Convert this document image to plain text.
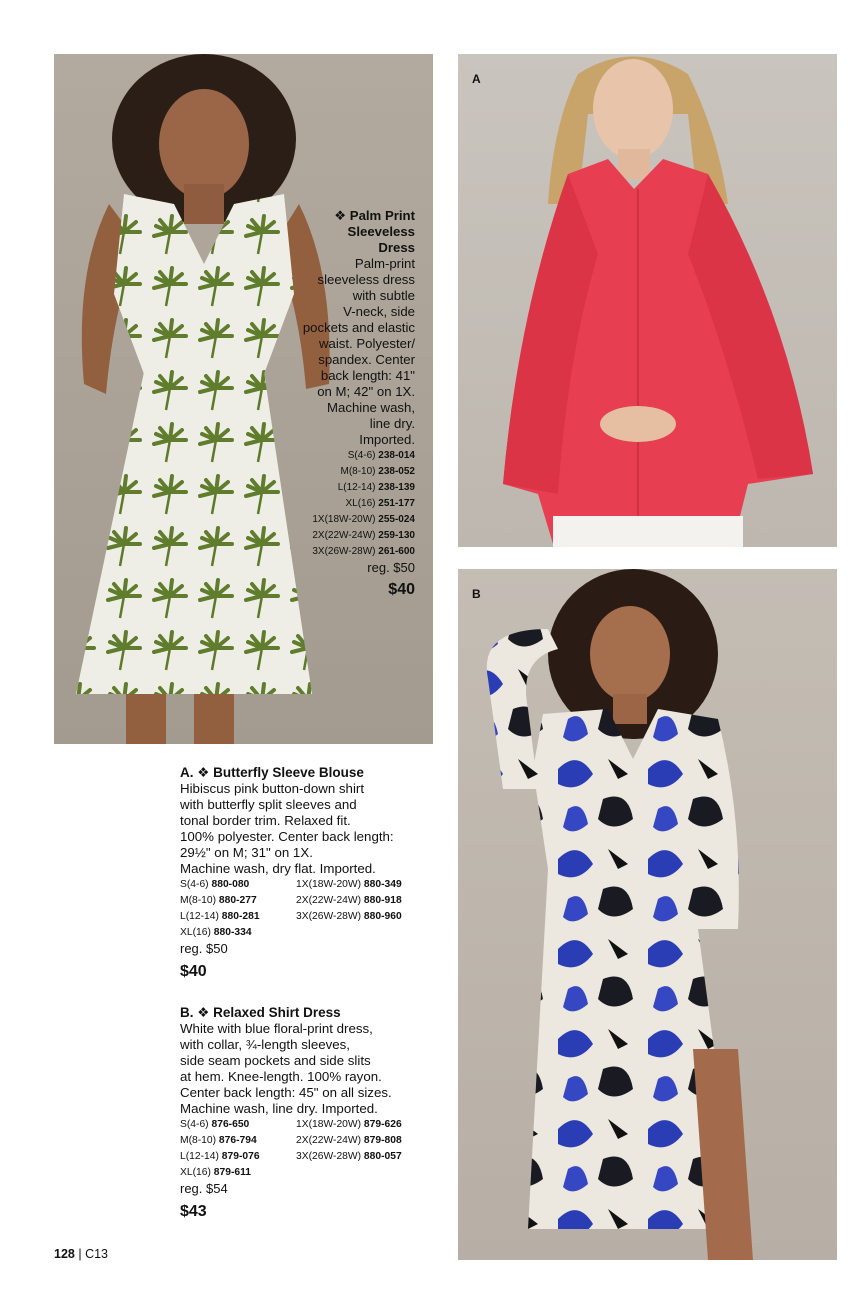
❖ Palm Print
Sleeveless
Dress
Palm-print
sleeveless dress
with subtle
V-neck, side
pockets and elastic
waist. Polyester/
spandex. Center
back length: 41"
on M; 42" on 1X.
Machine wash,
line dry.
Imported.
S(4-6) 238-014
M(8-10) 238-052
L(12-14) 238-139
XL(16) 251-177
1X(18W-20W) 255-024
2X(22W-24W) 259-130
3X(26W-28W) 261-600
reg. $50
$40
A
B
A. ❖ Butterfly Sleeve Blouse
Hibiscus pink button-down shirt
with butterfly split sleeves and
tonal border trim. Relaxed fit.
100% polyester. Center back length:
29½" on M; 31" on 1X.
Machine wash, dry flat. Imported.
S(4-6) 880-080	1X(18W-20W) 880-349
M(8-10) 880-277	2X(22W-24W) 880-918
L(12-14) 880-281	3X(26W-28W) 880-960
XL(16) 880-334
reg. $50
$40
B. ❖ Relaxed Shirt Dress
White with blue floral-print dress,
with collar, ¾-length sleeves,
side seam pockets and side slits
at hem. Knee-length. 100% rayon.
Center back length: 45" on all sizes.
Machine wash, line dry. Imported.
S(4-6) 876-650	1X(18W-20W) 879-626
M(8-10) 876-794	2X(22W-24W) 879-808
L(12-14) 879-076	3X(26W-28W) 880-057
XL(16) 879-611
reg. $54
$43
128 | C13
